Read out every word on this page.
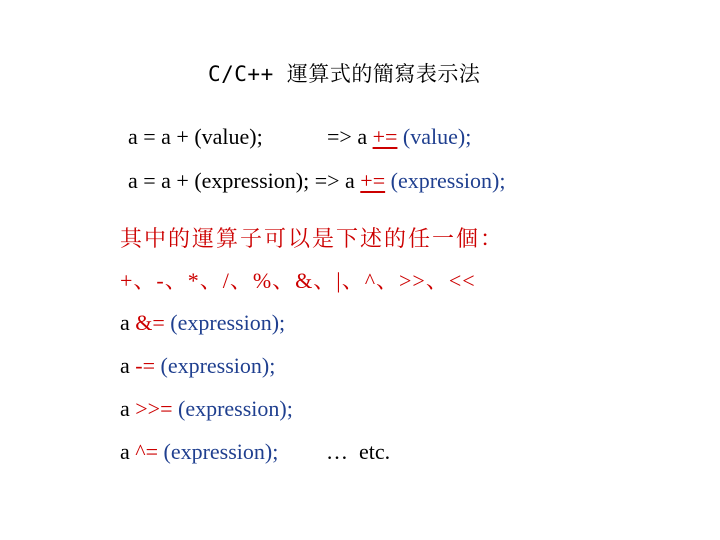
C/C++ 運算式的簡寫表示法
a = a + (value);	=> a += (value);
a = a + (expression); => a += (expression);
其中的運算子可以是下述的任一個：
+、-、*、/、%、&、|、^、>>、<<
a &= (expression);
a -= (expression);
a >>= (expression);
a ^= (expression); …  etc.
